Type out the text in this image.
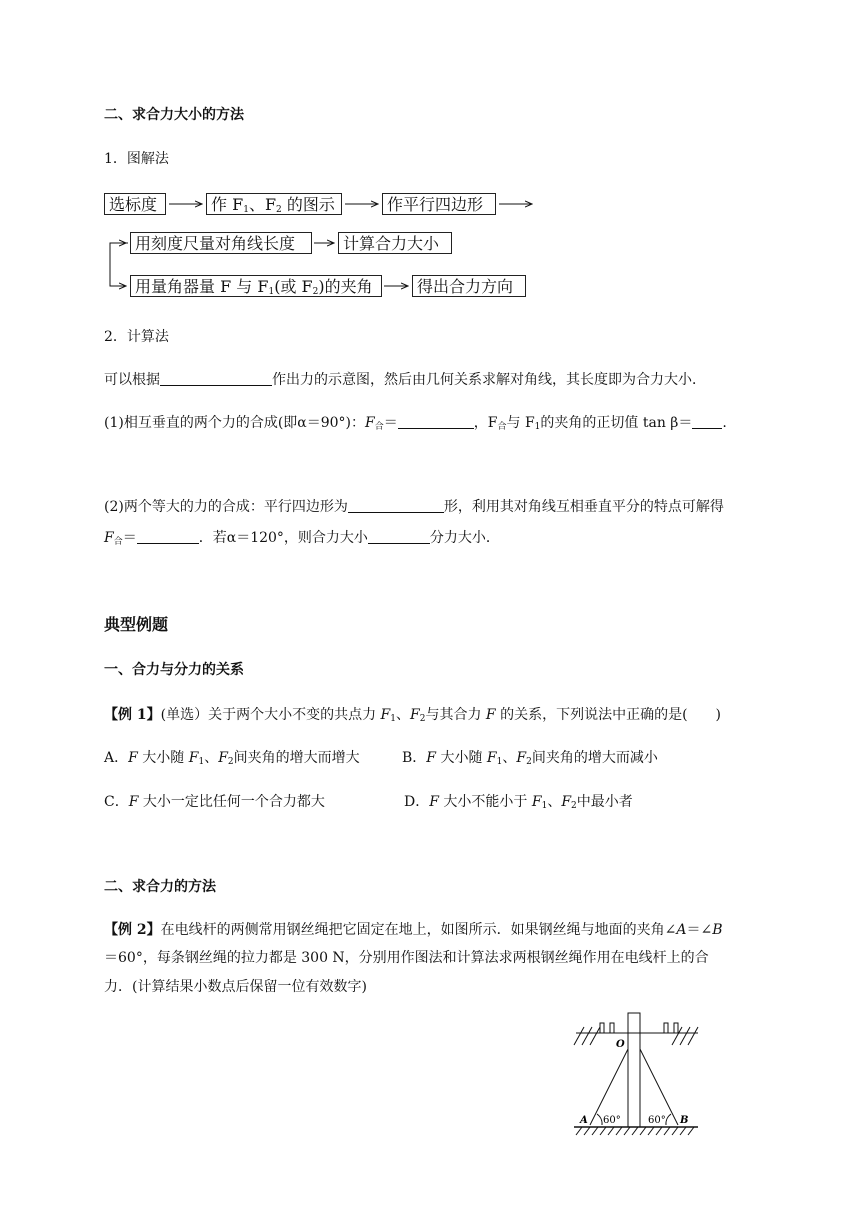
二、求合力大小的方法
1．图解法
选标度	作 $F_1$、$F_2$ 的图示	作平行四边形
用刻度尺量对角线长度	计算合力大小
用量角器量 F 与 $F_1$(或 $F_2$)的夹角	得出合力方向
2．计算法
可以根据	作出力的示意图，然后由几何关系求解对角线，其长度即为合力大小．
(1)相互垂直的两个力的合成(即α＝90°)：$F_合=$	，$F_合$与 $F_1$的夹角的正切值 tan β＝ .
(2)两个等大的力的合成：平行四边形为	形，利用其对角线互相垂直平分的特点可解得
$F_合=$	．若α＝120°，则合力大小	分力大小．
典型例题
一、合力与分力的关系
【例 1】(单选）关于两个大小不变的共点力 $F_1$、$F_2$与其合力 F 的关系，下列说法中正确的是(　　)
A．F 大小随 $F_1$、$F_2$间夹角的增大而增大	B．F 大小随 $F_1$、$F_2$间夹角的增大而减小
C．F 大小一定比任何一个合力都大	D．F 大小不能小于 $F_1$、$F_2$中最小者
二、求合力的方法
【例 2】在电线杆的两侧常用钢丝绳把它固定在地上，如图所示．如果钢丝绳与地面的夹角∠A＝∠B
＝60°，每条钢丝绳的拉力都是 300 N，分别用作图法和计算法求两根钢丝绳作用在电线杆上的合
力．(计算结果小数点后保留一位有效数字)
O
A	B
60°	60°
